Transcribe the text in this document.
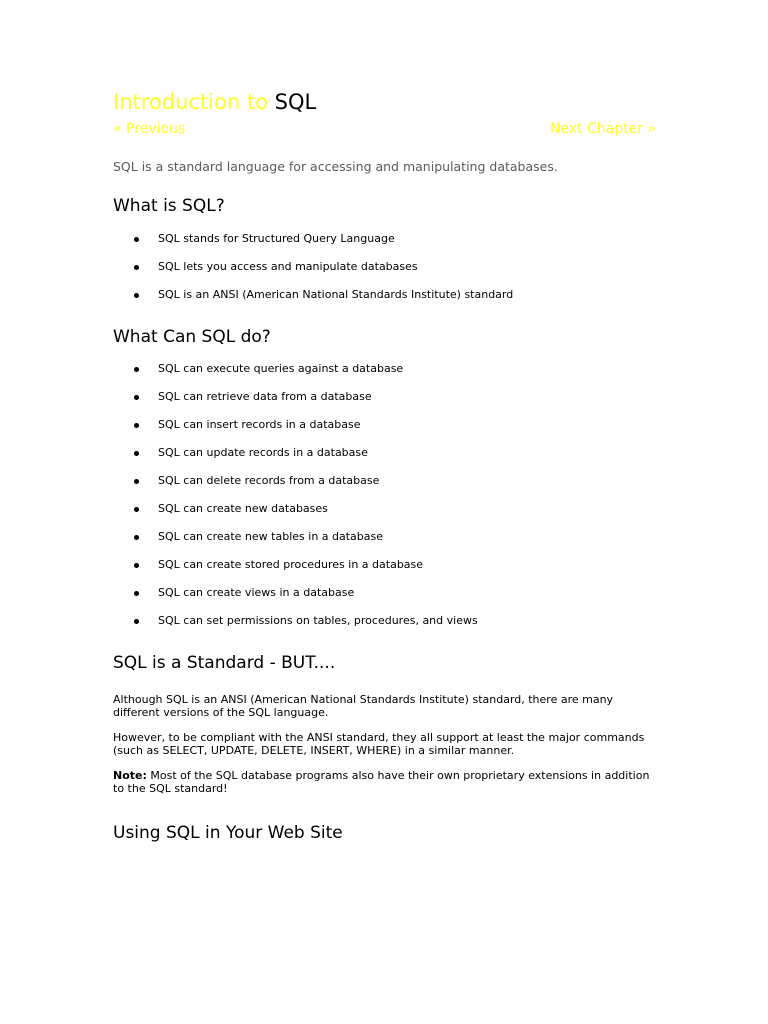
Introduction to SQL
« Previous	Next Chapter »

SQL is a standard language for accessing and manipulating databases.

What is SQL?
SQL stands for Structured Query Language
SQL lets you access and manipulate databases
SQL is an ANSI (American National Standards Institute) standard
What Can SQL do?
SQL can execute queries against a database
SQL can retrieve data from a database
SQL can insert records in a database
SQL can update records in a database
SQL can delete records from a database
SQL can create new databases
SQL can create new tables in a database
SQL can create stored procedures in a database
SQL can create views in a database
SQL can set permissions on tables, procedures, and views
SQL is a Standard - BUT....

Although SQL is an ANSI (American National Standards Institute) standard, there are many different versions of the SQL language.

However, to be compliant with the ANSI standard, they all support at least the major commands (such as SELECT, UPDATE, DELETE, INSERT, WHERE) in a similar manner.

Note: Most of the SQL database programs also have their own proprietary extensions in addition to the SQL standard!

Using SQL in Your Web Site
